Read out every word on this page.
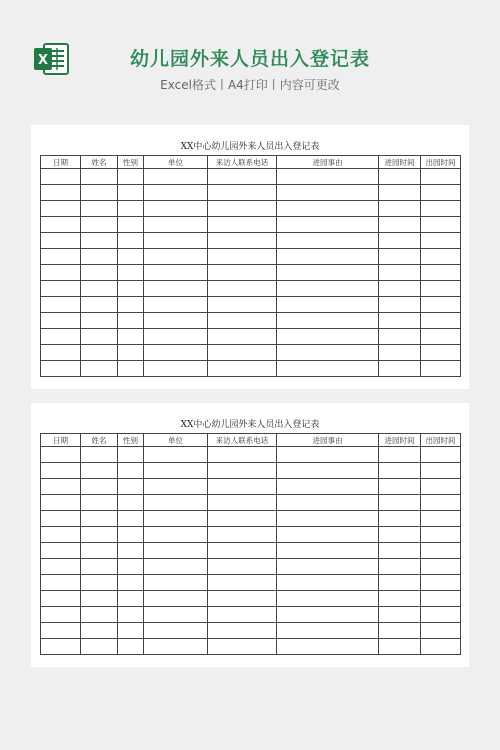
X	幼儿园外来人员出入登记表
Excel格式丨A4打印丨内容可更改
XX中心幼儿园外来人员出入登记表
日期	姓名	性别	单位	来访人联系电话	进园事由	进园时间	出园时间

XX中心幼儿园外来人员出入登记表
日期	姓名	性别	单位	来访人联系电话	进园事由	进园时间	出园时间
